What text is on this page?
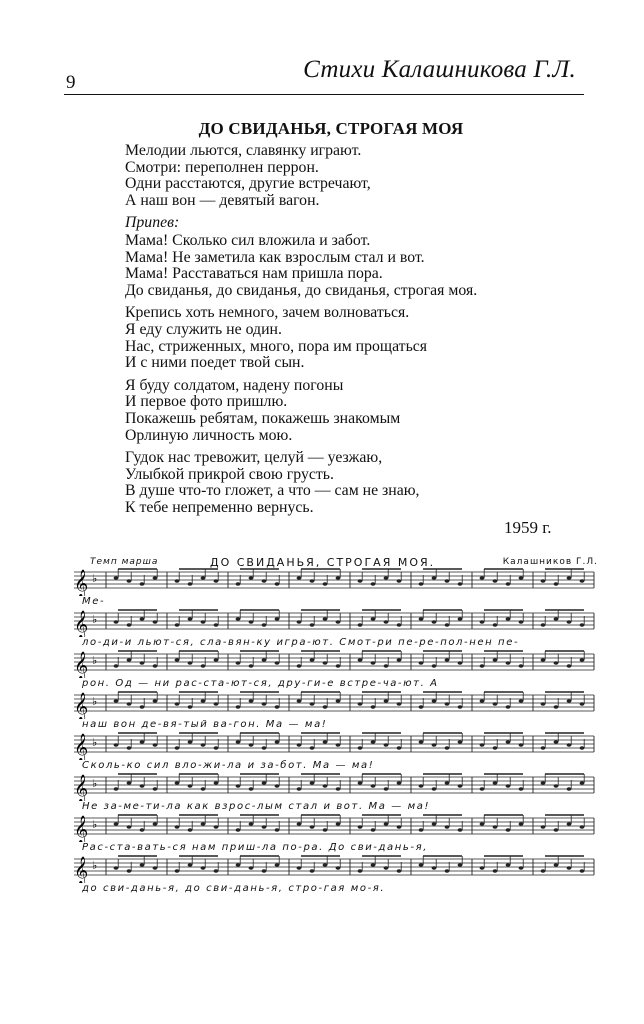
9	Стихи Калашникова Г.Л.
ДО СВИДАНЬЯ, СТРОГАЯ МОЯ
Мелодии льются, славянку играют.
Смотри: переполнен перрон.
Одни расстаются, другие встречают,
А наш вон — девятый вагон.
Припев:
Мама! Сколько сил вложила и забот.
Мама! Не заметила как взрослым стал и вот.
Мама! Расставаться нам пришла пора.
До свиданья, до свиданья, до свиданья, строгая моя.
Крепись хоть немного, зачем волноваться.
Я еду служить не один.
Нас, стриженных, много, пора им прощаться
И с ними поедет твой сын.
Я буду солдатом, надену погоны
И первое фото пришлю.
Покажешь ребятам, покажешь знакомым
Орлиную личность мою.
Гудок нас тревожит, целуй — уезжаю,
Улыбкой прикрой свою грусть.
В душе что-то гложет, а что — сам не знаю,
К тебе непременно вернусь.
1959 г.
Темп марша	ДО СВИДАНЬЯ, СТРОГАЯ МОЯ.	Калашников Г.Л.
𝄞 ♭
Ме-
𝄞 ♭
ло-ди-и льют-ся, сла-вян-ку игра-ют. Смот-ри пе-ре-пол-нен пе-
𝄞 ♭
рон. Од — ни рас-ста-ют-ся, дру-ги-е встре-ча-ют. А
𝄞 ♭
наш вон де-вя-тый ва-гон. Ма — ма!
𝄞 ♭
Сколь-ко сил вло-жи-ла и за-бот. Ма — ма!
𝄞 ♭
Не за-ме-ти-ла как взрос-лым стал и вот. Ма — ма!
𝄞 ♭
Рас-ста-вать-ся нам приш-ла по-ра. До сви-дань-я,
𝄞 ♭
до сви-дань-я, до сви-дань-я, стро-гая мо-я.
